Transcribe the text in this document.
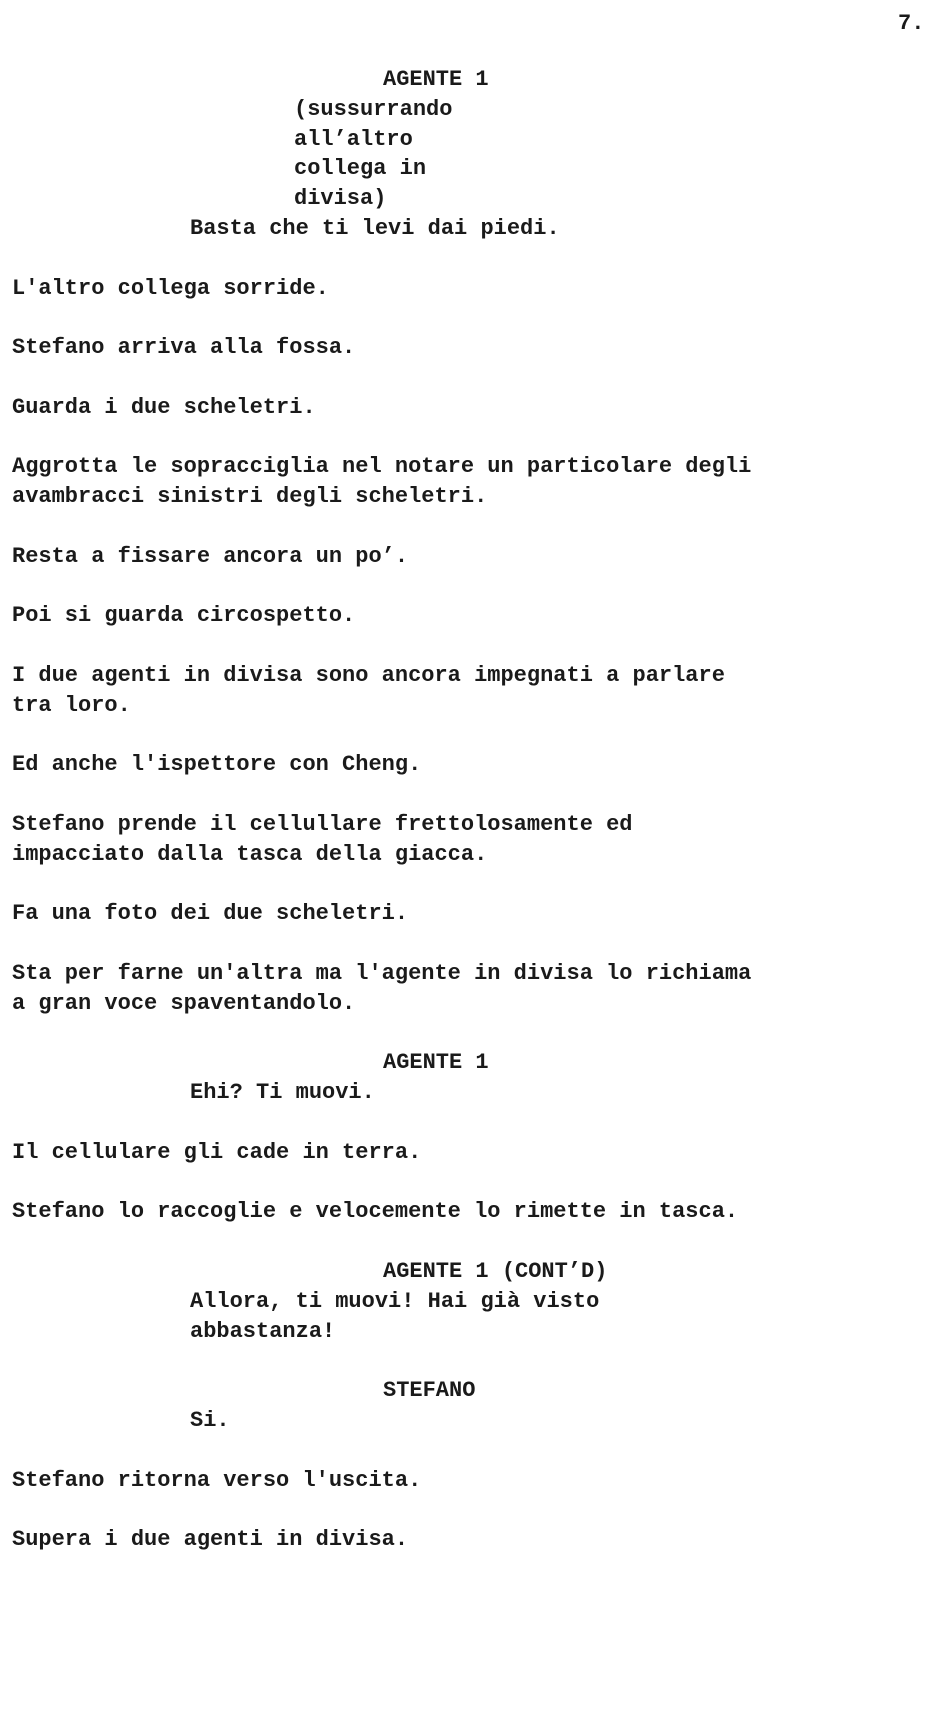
7.

AGENTE 1

(sussurrando

all’altro

collega in

divisa)

Basta che ti levi dai piedi.

L'altro collega sorride.

Stefano arriva alla fossa.

Guarda i due scheletri.

Aggrotta le sopracciglia nel notare un particolare degli

avambracci sinistri degli scheletri.

Resta a fissare ancora un po’.

Poi si guarda circospetto.

I due agenti in divisa sono ancora impegnati a parlare

tra loro.

Ed anche l'ispettore con Cheng.

Stefano prende il cellullare frettolosamente ed

impacciato dalla tasca della giacca.

Fa una foto dei due scheletri.

Sta per farne un'altra ma l'agente in divisa lo richiama

a gran voce spaventandolo.

AGENTE 1

Ehi? Ti muovi.

Il cellulare gli cade in terra.

Stefano lo raccoglie e velocemente lo rimette in tasca.

AGENTE 1 (CONT’D)

Allora, ti muovi! Hai già visto

abbastanza!

STEFANO

Si.

Stefano ritorna verso l'uscita.

Supera i due agenti in divisa.
